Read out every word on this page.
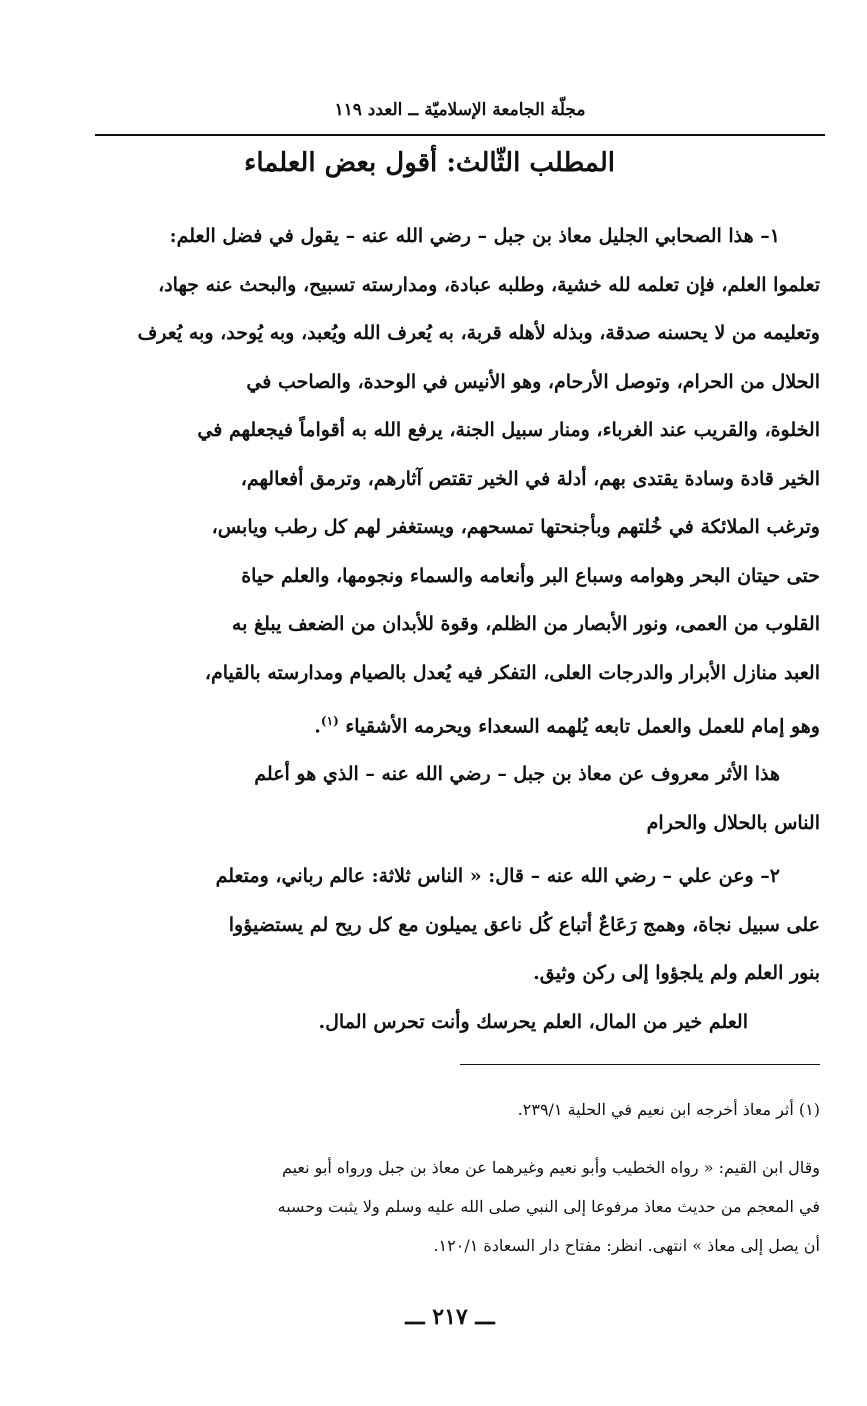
مجلّة الجامعة الإسلاميّة ــ العدد ١١٩
المطلب الثّالث: أقول بعض العلماء
١– هذا الصحابي الجليل معاذ بن جبل – رضي الله عنه – يقول في فضل العلم:
تعلموا العلم، فإن تعلمه لله خشية، وطلبه عبادة، ومدارسته تسبيح، والبحث عنه جهاد،
وتعليمه من لا يحسنه صدقة، وبذله لأهله قربة، به يُعرف الله ويُعبد، وبه يُوحد، وبه يُعرف
الحلال من الحرام، وتوصل الأرحام، وهو الأنيس في الوحدة، والصاحب في
الخلوة، والقريب عند الغرباء، ومنار سبيل الجنة، يرفع الله به أقواماً فيجعلهم في
الخير قادة وسادة يقتدى بهم، أدلة في الخير تقتص آثارهم، وترمق أفعالهم،
وترغب الملائكة في خُلتهم وبأجنحتها تمسحهم، ويستغفر لهم كل رطب ويابس،
حتى حيتان البحر وهوامه وسباع البر وأنعامه والسماء ونجومها، والعلم حياة
القلوب من العمى، ونور الأبصار من الظلم، وقوة للأبدان من الضعف يبلغ به
العبد منازل الأبرار والدرجات العلى، التفكر فيه يُعدل بالصيام ومدارسته بالقيام،
وهو إمام للعمل والعمل تابعه يُلهمه السعداء ويحرمه الأشقياء $^{(١)}$.
هذا الأثر معروف عن معاذ بن جبل – رضي الله عنه – الذي هو أعلم
الناس بالحلال والحرام
٢– وعن علي – رضي الله عنه – قال: « الناس ثلاثة: عالم رباني، ومتعلم
على سبيل نجاة، وهمج رَعَاعٌ أتباع كُل ناعق يميلون مع كل ريح لم يستضيؤوا
بنور العلم ولم يلجؤوا إلى ركن وثيق.
العلم خير من المال، العلم يحرسك وأنت تحرس المال.
(١) أثر معاذ أخرجه ابن نعيم في الحلية ٢٣٩/١.
وقال ابن القيم: « رواه الخطيب وأبو نعيم وغيرهما عن معاذ بن جبل ورواه أبو نعيم
في المعجم من حديث معاذ مرفوعا إلى النبي صلى الله عليه وسلم ولا يثبت وحسبه
أن يصل إلى معاذ » انتهى. انظر: مفتاح دار السعادة ١٢٠/١.
ـــ ٢١٧ ـــ
